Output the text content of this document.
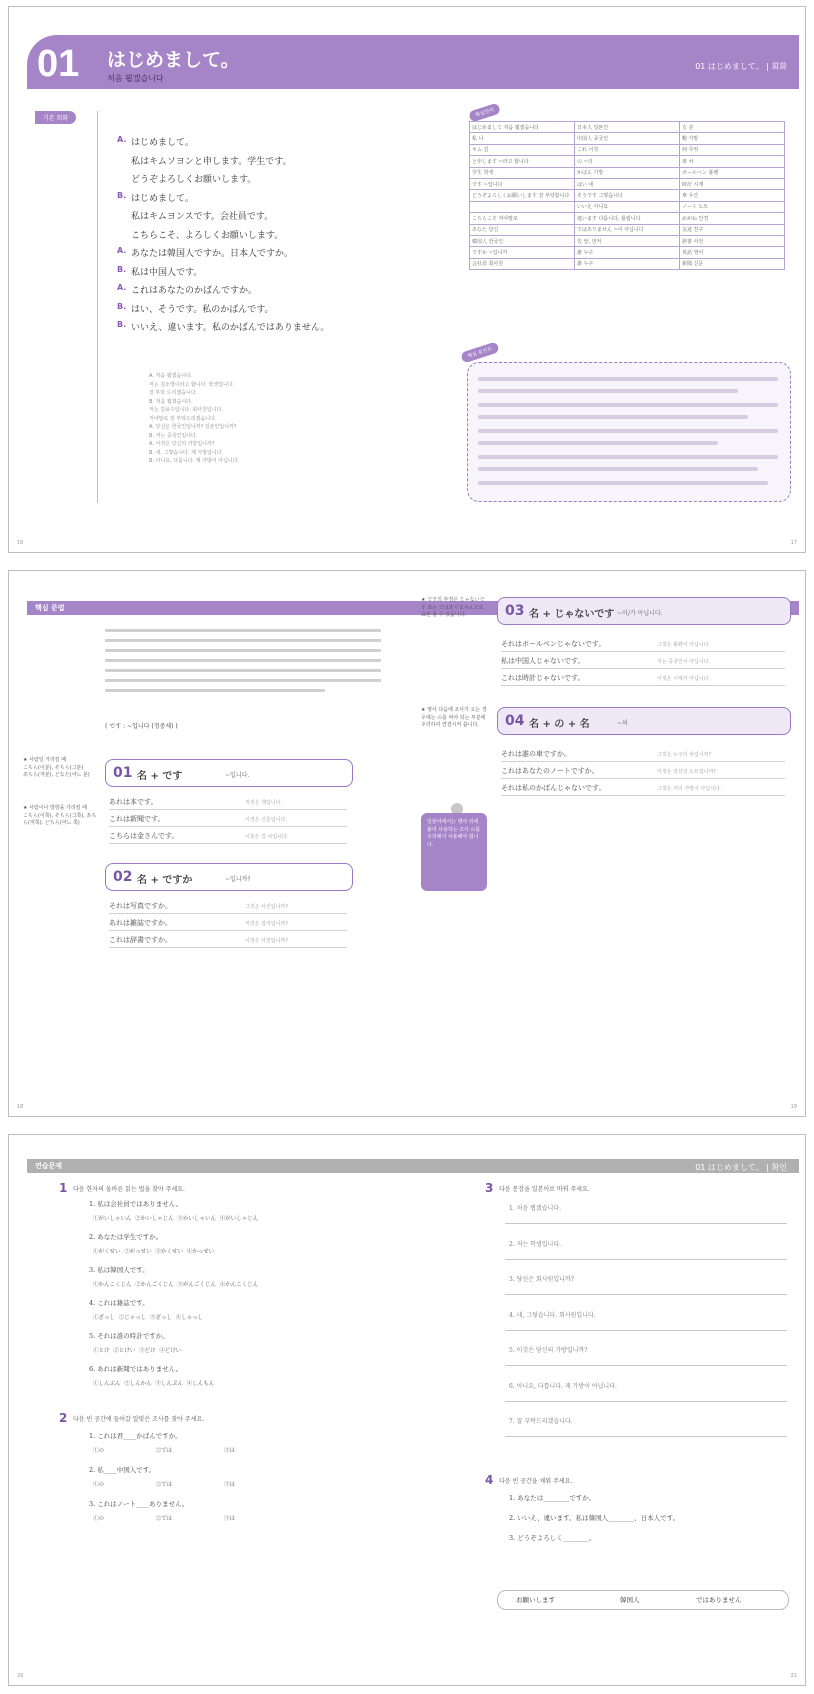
01 はじめまして。
처음 뵙겠습니다
01 はじめまして。 | 회화
기본 회화
A. はじめまして。
私はキムソヨンと申します。学生です。
どうぞよろしくお願いします。
B. はじめまして。
私はキムヨンスです。会社員です。
こちらこそ、よろしくお願いします。
A. あなたは韓国人ですか。日本人ですか。
B. 私は中国人です。
A. これはあなたのかばんですか。
B. はい、そうです。私のかばんです。
B. いいえ、違います。私のかばんではありません。
A. 처음 뵙겠습니다.
저는 김소영이라고 합니다. 학생입니다.
잘 부탁 드리겠습니다.
B. 처음 뵙겠습니다.
저는 김용수입니다. 회사원입니다.
저야말로 잘 부탁드리겠습니다.
A. 당신은 한국인입니까? 일본인입니까?
B. 저는 중국인입니다.
A. 이것은 당신의 가방입니까?
B. 네, 그렇습니다. 제 가방입니다.
B. 아니요, 다릅니다. 제 가방이 아닙니다.
핵심단어
はじめまして 처음 뵙겠습니다	日本人 일본인	方 분
私 나	中国人 중국인	鞄 가방
キム 김	これ 이것	何 무엇
と申します ~라고 합니다	の ~의	車 차
学生 학생	かばん 가방	ボールペン 볼펜
です ~입니다	はい 네	時計 시계
どうぞよろしくお願いします 잘 부탁합니다	そうです 그렇습니다	傘 우산
	いいえ 아니요	ノート 노트
こちらこそ 저야말로	違います 다릅니다, 틀립니다	めがね 안경
あなた 당신	ではありません ~이 아닙니다	友達 친구
韓国人 한국인	先 앞, 먼저	辞書 사전
ですか ~입니까	誰 누구	英語 영어
会社員 회사원	誰 누구	新聞 신문
핵심 포인트
16	17
핵심 문법
( です : ~입니다 (정중체) )

★ 사람일 가리킬 때
こちら(이분), そちら(그분)
あちら(저분), どなた(어느 분)
★ 사람이나 방향을 가리킬 때
こちら(이쪽), そちら(그쪽), あちら(저쪽), どちら(어느 쪽)
★ です의 부정은 じゃないです 또는 ではありません으로 표현 할 수 있습니다.
★ 명사 다음에 조사가 오는 경우에는 の를 써야 되는 부분에 주의하여 연결시켜 씁니다.
일본어에서는 명사 뒤에 붙여 사용하는 조사 の를 주의해서 사용해야 합니다.
01 名 + です	~입니다.
あれは本です。	저것은 책입니다.
これは新聞です。	이것은 신문입니다.
こちらは金さんです。	이분은 김 씨입니다.
02 名 + ですか	~입니까?
それは写真ですか。	그것은 사진입니까?
あれは雑誌ですか。	저것은 잡지입니까?
これは辞書ですか。	이것은 사전입니까?
03 名 + じゃないです ~이/가 아닙니다.
それはボールペンじゃないです。	그것은 볼펜이 아닙니다.
私は中国人じゃないです。	저는 중국인이 아닙니다.
これは時計じゃないです。	이것은 시계가 아닙니다.
04 名 + の + 名	~의
それは誰の車ですか。	그것은 누구의 차입니까?
これはあなたのノートですか。	이것은 당신의 노트입니까?
それは私のかばんじゃないです。	그것은 저의 가방이 아닙니다.
18	19
연습문제	01 はじめまして。 | 확인
1 다음 한자의 올바른 읽는 법을 찾아 주세요.
1. 私は会社員ではありません。
①がいしゃいん ②かいしゃじん ③かいしゃいん ④がいしゃじん
2. あなたは学生ですか。
①がくせい ②がっせい ③かくせい ④かっせい
3. 私は韓国人です。
①かんこくじん ②かんごくじん ③がんごくじん ④かんこくじん
4. これは雑誌です。
①ざっし ②じゃっし ③ざっし ④しゃっし
5. それは誰の時計ですか。
①とけ ②とけい ③どけ ④どけい
6. あれは新聞ではありません。
①しんぶん ②しんかん ③しんぷん ④しんもん
2 다음 빈 공간에 들어갈 알맞은 조사를 찾아 주세요.
1. これは君____かばんですか。
①の ②では ③は
2. 私____中国人です。
①の ②では ③は
3. これはノート____ありません。
①の ②では ③は
3 다음 문장을 일본어로 바꿔 주세요.
1. 처음 뵙겠습니다.
2. 저는 학생입니다.
3. 당신은 회사원입니까?
4. 네, 그렇습니다. 회사원입니다.
5. 이것은 당신의 가방입니까?
6. 아니요, 다릅니다. 제 가방이 아닙니다.
7. 잘 부탁드리겠습니다.
4 다음 빈 공간을 채워 주세요.
1. あなたは________ですか。
2. いいえ、違います。私は韓国人________、日本人です。
3. どうぞよろしく________。
20	21
お願いします	韓国人	ではありません
